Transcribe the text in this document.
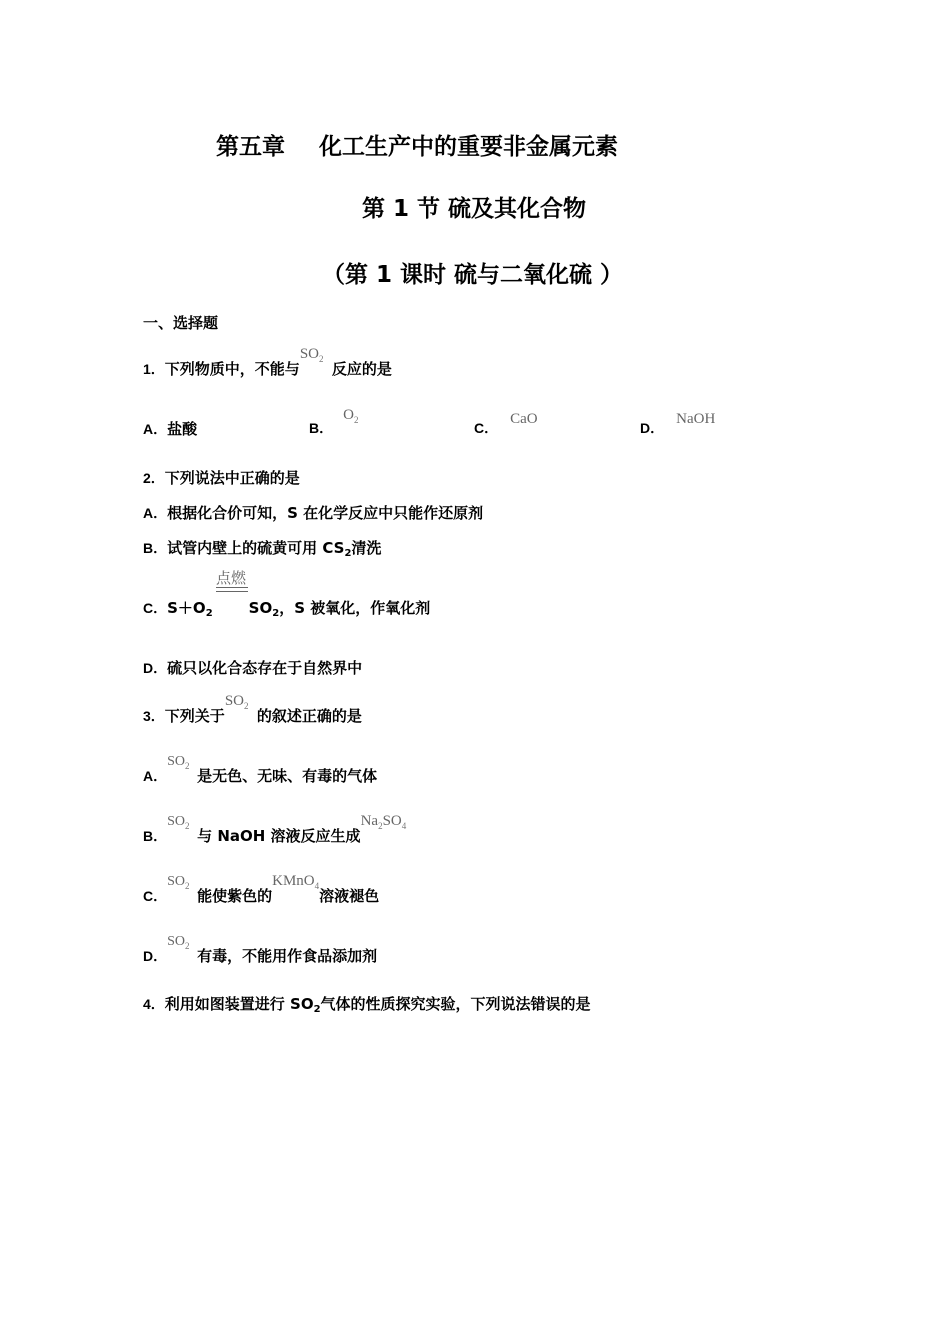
第五章 化工生产中的重要非金属元素
第 1 节 硫及其化合物
（第 1 课时 硫与二氧化硫 ）
一、选择题
1．下列物质中，不能与$SO_2$反应的是
A．盐酸	B．$O_2$	C．CaO
D．NaOH
2．下列说法中正确的是
A．根据化合价可知，S 在化学反应中只能作还原剂
B．试管内壁上的硫黄可用 $CS_2$清洗
C．$S+O_2$ $SO_2$，S 被氧化，作氧化剂
点燃
D．硫只以化合态存在于自然界中
3．下列关于$SO_2$的叙述正确的是
A．$SO_2$是无色、无味、有毒的气体
B．$SO_2$与 NaOH 溶液反应生成$Na_2SO_4$
C．$SO_2$能使紫色的KMnO$_4$溶液褪色
D．$SO_2$有毒，不能用作食品添加剂
4．利用如图装置进行 $SO_2$气体的性质探究实验，下列说法错误的是
